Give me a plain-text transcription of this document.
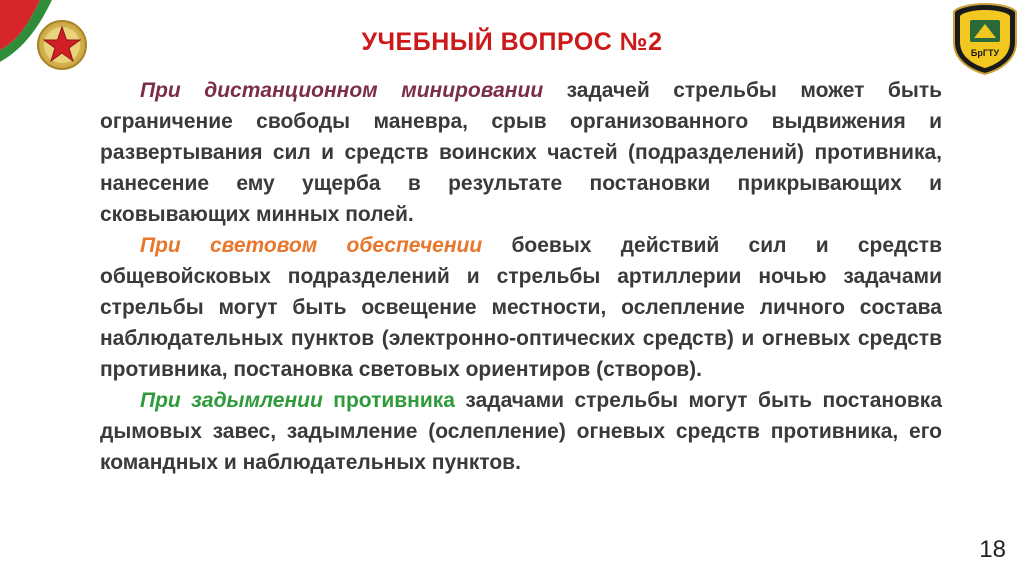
БрГТУ
УЧЕБНЫЙ ВОПРОС №2

При дистанционном минировании задачей стрельбы может быть ограничение свободы маневра, срыв организованного выдвижения и развертывания сил и средств воинских частей (подразделений) противника, нанесение ему ущерба в результате постановки прикрывающих и сковывающих минных полей.

При световом обеспечении боевых действий сил и средств общевойсковых подразделений и стрельбы артиллерии ночью задачами стрельбы могут быть освещение местности, ослепление личного состава наблюдательных пунктов (электронно-оптических средств) и огневых средств противника, постановка световых ориентиров (створов).

При задымлении противника задачами стрельбы могут быть постановка дымовых завес, задымление (ослепление) огневых средств противника, его командных и наблюдательных пунктов.

18
